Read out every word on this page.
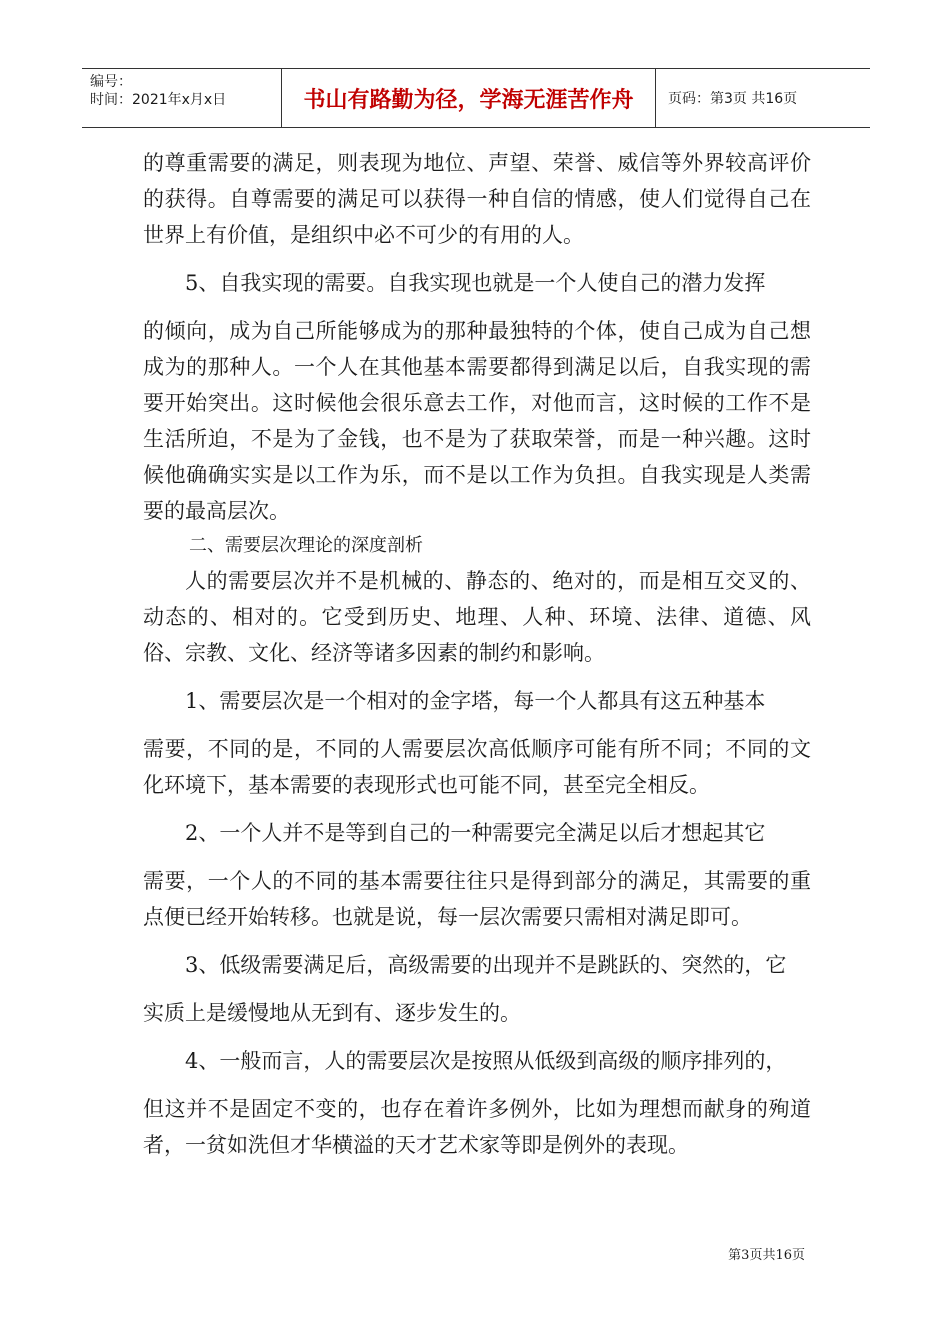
编号：
时间：2021年x月x日	书山有路勤为径，学海无涯苦作舟 页码：第3页 共16页

的尊重需要的满足，则表现为地位、声望、荣誉、威信等外界较高评价的获得。自尊需要的满足可以获得一种自信的情感，使人们觉得自己在世界上有价值，是组织中必不可少的有用的人。

5、自我实现的需要。自我实现也就是一个人使自己的潜力发挥

的倾向，成为自己所能够成为的那种最独特的个体，使自己成为自己想成为的那种人。一个人在其他基本需要都得到满足以后，自我实现的需要开始突出。这时候他会很乐意去工作，对他而言，这时候的工作不是生活所迫，不是为了金钱，也不是为了获取荣誉，而是一种兴趣。这时候他确确实实是以工作为乐，而不是以工作为负担。自我实现是人类需要的最高层次。

二、需要层次理论的深度剖析

人的需要层次并不是机械的、静态的、绝对的，而是相互交叉的、动态的、相对的。它受到历史、地理、人种、环境、法律、道德、风俗、宗教、文化、经济等诸多因素的制约和影响。

1、需要层次是一个相对的金字塔，每一个人都具有这五种基本

需要，不同的是，不同的人需要层次高低顺序可能有所不同；不同的文化环境下，基本需要的表现形式也可能不同，甚至完全相反。

2、一个人并不是等到自己的一种需要完全满足以后才想起其它

需要，一个人的不同的基本需要往往只是得到部分的满足，其需要的重点便已经开始转移。也就是说，每一层次需要只需相对满足即可。

3、低级需要满足后，高级需要的出现并不是跳跃的、突然的，它

实质上是缓慢地从无到有、逐步发生的。

4、一般而言，人的需要层次是按照从低级到高级的顺序排列的，

但这并不是固定不变的，也存在着许多例外，比如为理想而献身的殉道者，一贫如洗但才华横溢的天才艺术家等即是例外的表现。

第3页共16页
